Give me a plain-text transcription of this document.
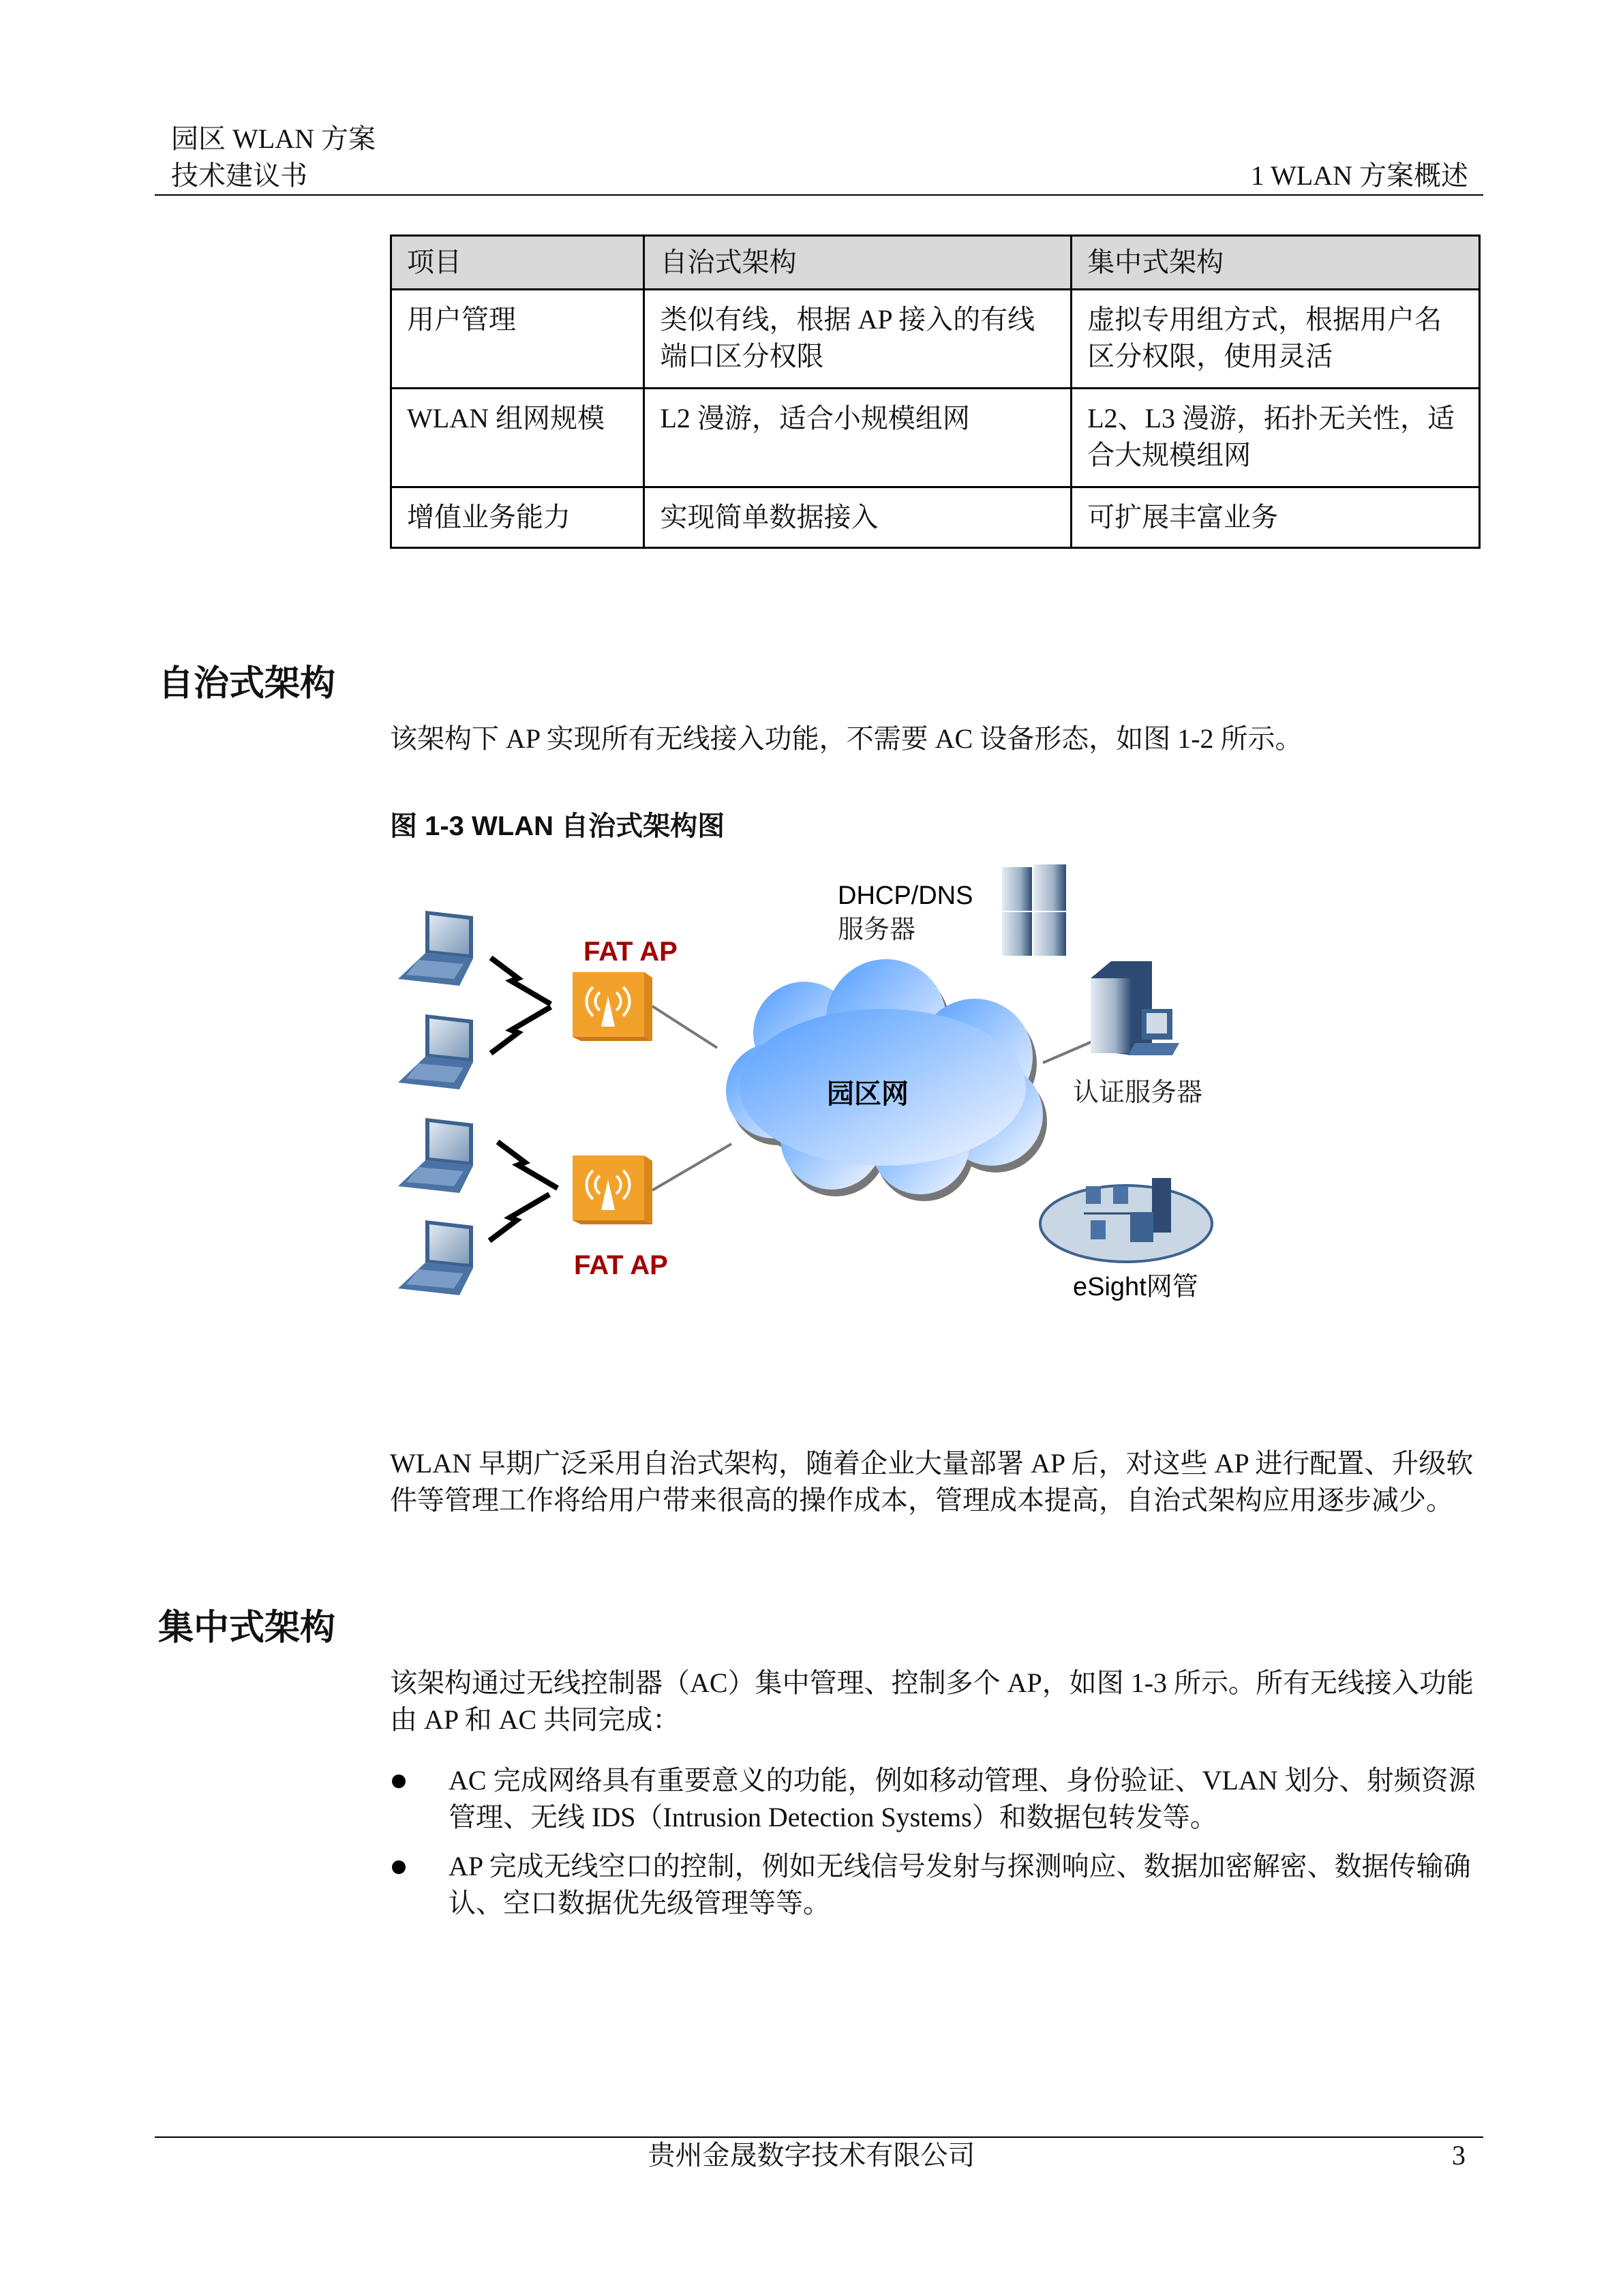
园区 WLAN 方案
技术建议书	1 WLAN 方案概述
项目	自治式架构	集中式架构
用户管理	类似有线，根据 AP 接入的有线端口区分权限	虚拟专用组方式，根据用户名区分权限，使用灵活
WLAN 组网规模	L2 漫游，适合小规模组网	L2、L3 漫游，拓扑无关性，适合大规模组网
增值业务能力	实现简单数据接入	可扩展丰富业务
自治式架构
该架构下 AP 实现所有无线接入功能，不需要 AC 设备形态，如图 1-2 所示。
图 1-3 WLAN 自治式架构图
FAT AP
FAT AP
园区网
DHCP/DNS
服务器
认证服务器
eSight网管
WLAN 早期广泛采用自治式架构，随着企业大量部署 AP 后，对这些 AP 进行配置、升级软件等管理工作将给用户带来很高的操作成本，管理成本提高，自治式架构应用逐步减少。
集中式架构
该架构通过无线控制器（AC）集中管理、控制多个 AP，如图 1-3 所示。所有无线接入功能由 AP 和 AC 共同完成：
AC 完成网络具有重要意义的功能，例如移动管理、身份验证、VLAN 划分、射频资源管理、无线 IDS（Intrusion Detection Systems）和数据包转发等。
AP 完成无线空口的控制，例如无线信号发射与探测响应、数据加密解密、数据传输确认、空口数据优先级管理等等。
贵州金晟数字技术有限公司	3
